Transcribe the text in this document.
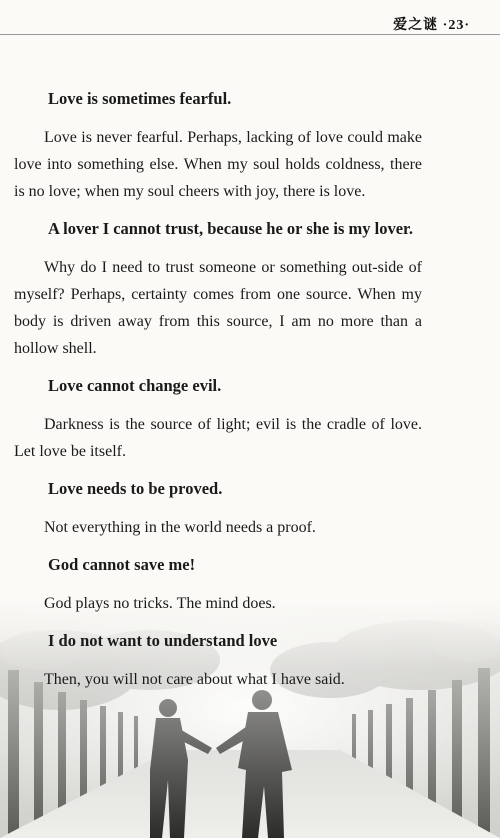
爱之谜 ·23·

Love is sometimes fearful.

Love is never fearful. Perhaps, lacking of love could make love into something else. When my soul holds coldness, there is no love; when my soul cheers with joy, there is love.

A lover I cannot trust, because he or she is my lover.

Why do I need to trust someone or something out-side of myself? Perhaps, certainty comes from one source. When my body is driven away from this source, I am no more than a hollow shell.

Love cannot change evil.

Darkness is the source of light; evil is the cradle of love. Let love be itself.

Love needs to be proved.

Not everything in the world needs a proof.

God cannot save me!

God plays no tricks. The mind does.

I do not want to understand love

Then, you will not care about what I have said.
